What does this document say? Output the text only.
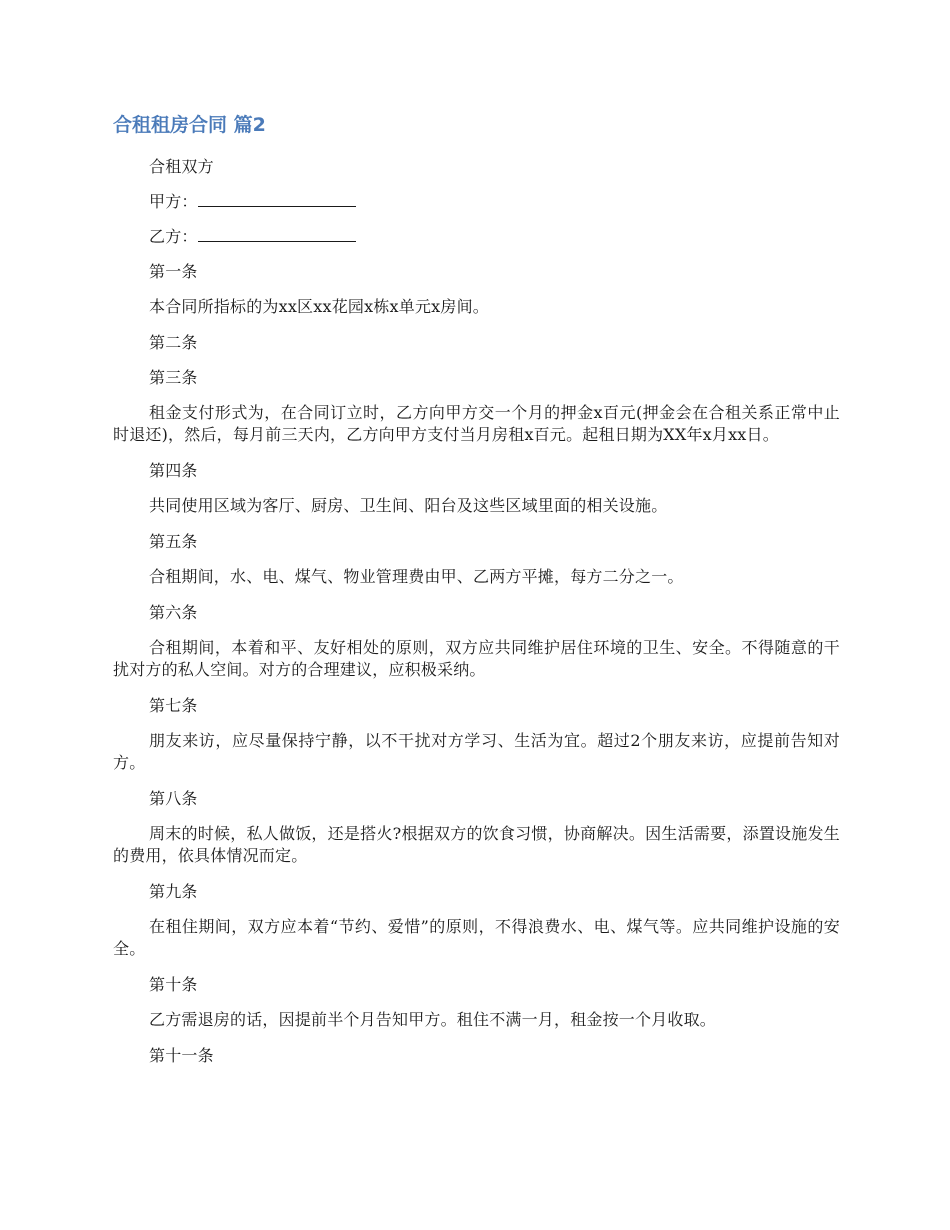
合租租房合同 篇2

合租双方

甲方：

乙方：

第一条

本合同所指标的为xx区xx花园x栋x单元x房间。

第二条

第三条

租金支付形式为，在合同订立时，乙方向甲方交一个月的押金x百元(押金会在合租关系正常中止时退还)，然后，每月前三天内，乙方向甲方支付当月房租x百元。起租日期为XX年x月xx日。

第四条

共同使用区域为客厅、厨房、卫生间、阳台及这些区域里面的相关设施。

第五条

合租期间，水、电、煤气、物业管理费由甲、乙两方平摊，每方二分之一。

第六条

合租期间，本着和平、友好相处的原则，双方应共同维护居住环境的卫生、安全。不得随意的干扰对方的私人空间。对方的合理建议，应积极采纳。

第七条

朋友来访，应尽量保持宁静，以不干扰对方学习、生活为宜。超过2个朋友来访，应提前告知对方。

第八条

周末的时候，私人做饭，还是搭火?根据双方的饮食习惯，协商解决。因生活需要，添置设施发生的费用，依具体情况而定。

第九条

在租住期间，双方应本着“节约、爱惜”的原则，不得浪费水、电、煤气等。应共同维护设施的安全。

第十条

乙方需退房的话，因提前半个月告知甲方。租住不满一月，租金按一个月收取。

第十一条
